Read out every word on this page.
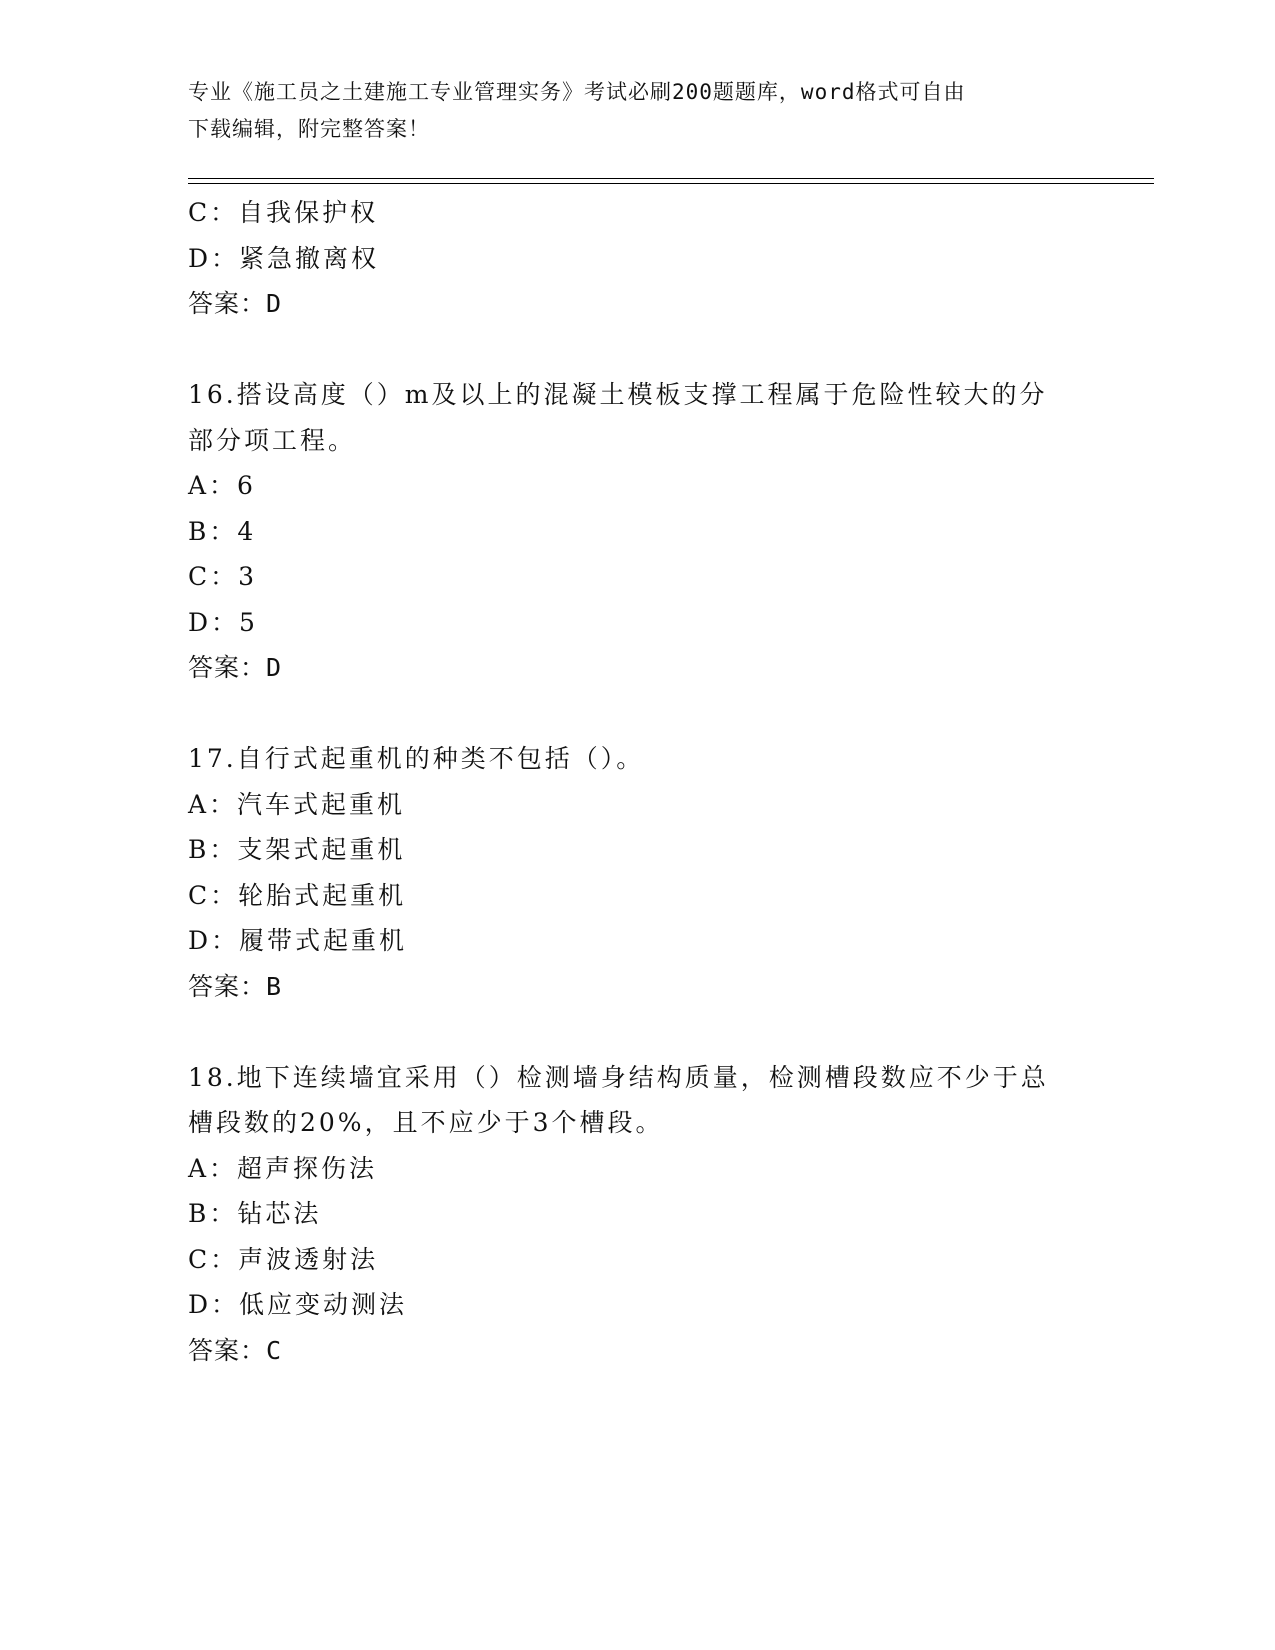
专业《施工员之土建施工专业管理实务》考试必刷200题题库，word格式可自由
下载编辑，附完整答案！
C：自我保护权
D：紧急撤离权
答案：D
16.搭设高度（）m及以上的混凝土模板支撑工程属于危险性较大的分
部分项工程。
A：6
B：4
C：3
D：5
答案：D
17.自行式起重机的种类不包括（）。
A：汽车式起重机
B：支架式起重机
C：轮胎式起重机
D：履带式起重机
答案：B
18.地下连续墙宜采用（）检测墙身结构质量，检测槽段数应不少于总
槽段数的20%，且不应少于3个槽段。
A：超声探伤法
B：钻芯法
C：声波透射法
D：低应变动测法
答案：C
